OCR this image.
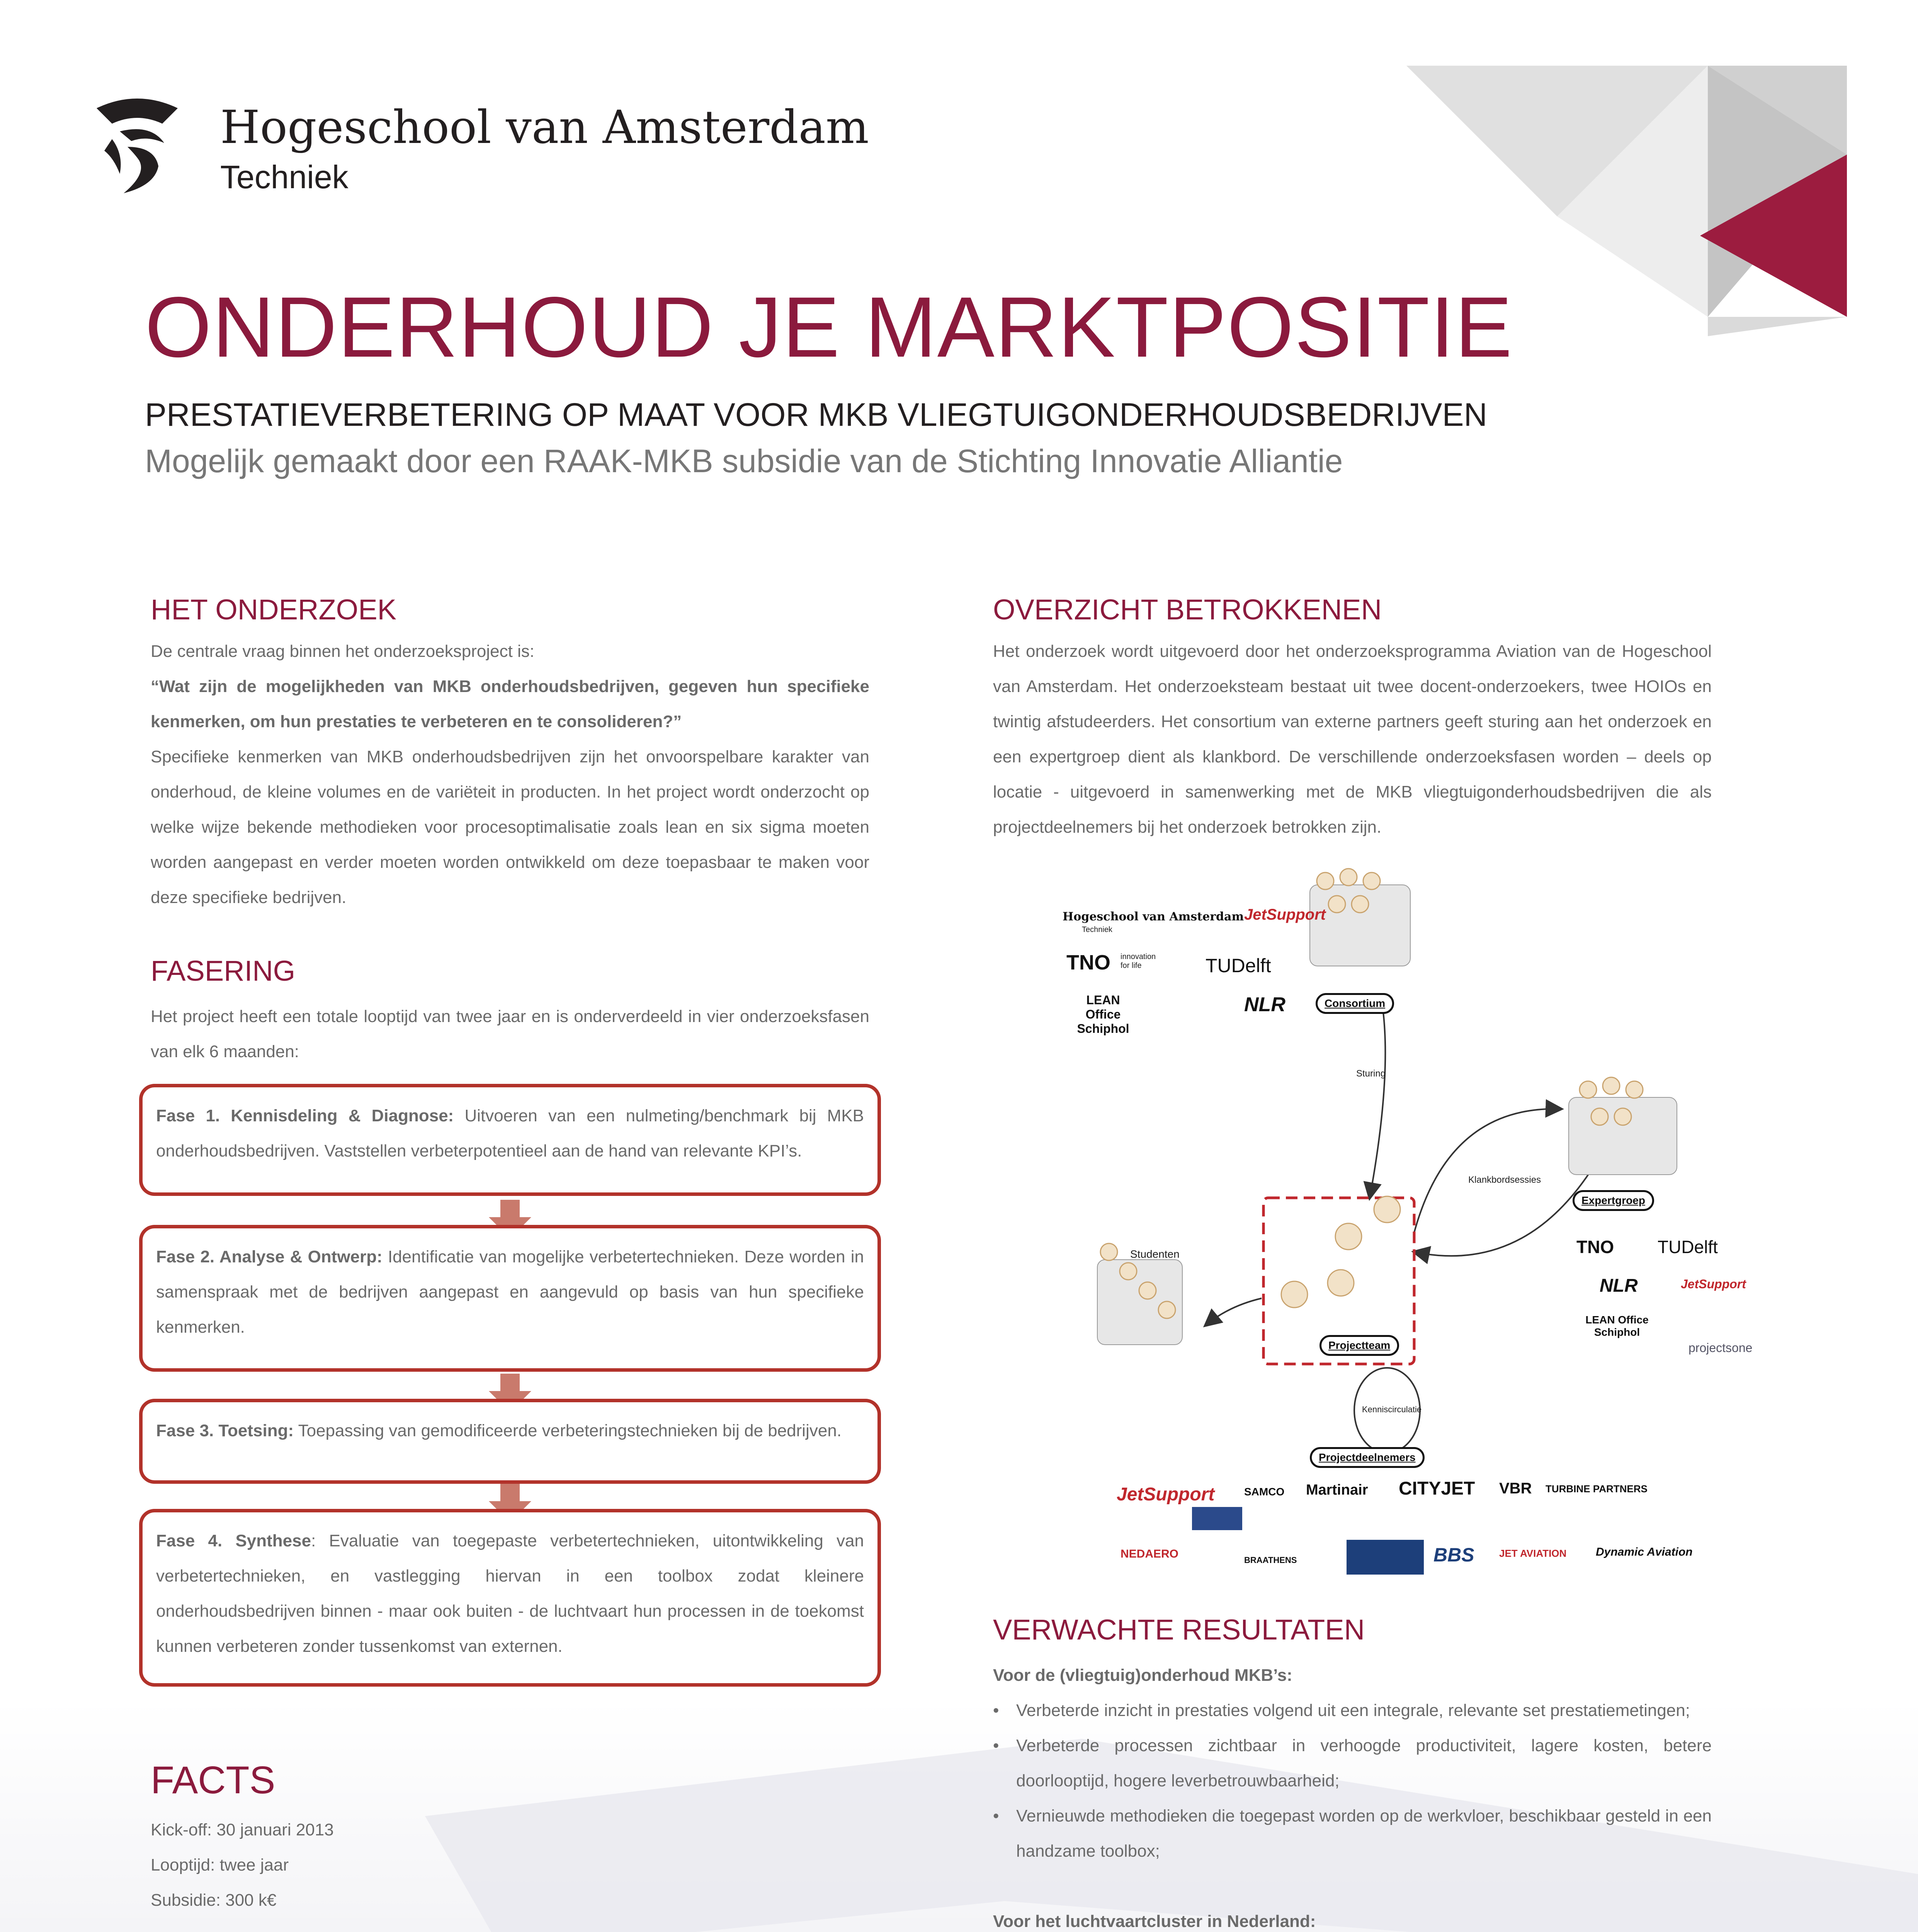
Hogeschool van Amsterdam
Techniek
ONDERHOUD JE MARKTPOSITIE
PRESTATIEVERBETERING OP MAAT VOOR MKB VLIEGTUIGONDERHOUDSBEDRIJVEN
Mogelijk gemaakt door een RAAK-MKB subsidie van de Stichting Innovatie Alliantie
HET ONDERZOEK
De centrale vraag binnen het onderzoeksproject is:
“Wat zijn de mogelijkheden van MKB onderhoudsbedrijven, gegeven hun specifieke kenmerken, om hun prestaties te verbeteren en te consolideren?”
Specifieke kenmerken van MKB onderhoudsbedrijven zijn het onvoorspelbare karakter van onderhoud, de kleine volumes en de variëteit in producten. In het project wordt onderzocht op welke wijze bekende methodieken voor procesoptimalisatie zoals lean en six sigma moeten worden aangepast en verder moeten worden ontwikkeld om deze toepasbaar te maken voor deze specifieke bedrijven.
FASERING
Het project heeft een totale looptijd van twee jaar en is onderverdeeld in vier onderzoeksfasen van elk 6 maanden:
Fase 1. Kennisdeling & Diagnose: Uitvoeren van een nulmeting/benchmark bij MKB onderhoudsbedrijven. Vaststellen verbeterpotentieel aan de hand van relevante KPI’s.
Fase 2. Analyse & Ontwerp: Identificatie van mogelijke verbetertechnieken. Deze worden in samenspraak met de bedrijven aangepast en aangevuld op basis van hun specifieke kenmerken.
Fase 3. Toetsing: Toepassing van gemodificeerde verbeteringstechnieken bij de bedrijven.
Fase 4. Synthese: Evaluatie van toegepaste verbetertechnieken, uitontwikkeling van verbetertechnieken, en vastlegging hiervan in een toolbox zodat kleinere onderhoudsbedrijven binnen - maar ook buiten - de luchtvaart hun processen in de toekomst kunnen verbeteren zonder tussenkomst van externen.
FACTS
Kick-off: 30 januari 2013
Looptijd: twee jaar
Subsidie: 300 k€
OVERZICHT BETROKKENEN
Het onderzoek wordt uitgevoerd door het onderzoeksprogramma Aviation van de Hogeschool van Amsterdam. Het onderzoeksteam bestaat uit twee docent-onderzoekers, twee HOIOs en twintig afstudeerders. Het consortium van externe partners geeft sturing aan het onderzoek en een expertgroep dient als klankbord. De verschillende onderzoeksfasen worden – deels op locatie - uitgevoerd in samenwerking met de MKB vliegtuigonderhoudsbedrijven die als projectdeelnemers bij het onderzoek betrokken zijn.
Hogeschool van Amsterdam
Techniek
JetSupport
TNO innovation for life	TUDelft
LEAN Office Schiphol
NLR	Consortium
Sturing
Klankbordsessies
Expertgroep
TNO TUDelft
NLR	JetSupport
LEAN Office Schiphol
projectsone
Studenten
Projectteam
Kenniscirculatie
Projectdeelnemers
JetSupport	SAMCO Martinair CITYJET VBR TURBINE PARTNERS
NEDAERO	BRAATHENS	BBS JET AVIATION	Dynamic Aviation
VERWACHTE RESULTATEN
Voor de (vliegtuig)onderhoud MKB’s:
• Verbeterde inzicht in prestaties volgend uit een integrale, relevante set prestatiemetingen;
• Verbeterde processen zichtbaar in verhoogde productiviteit, lagere kosten, betere doorlooptijd, hogere leverbetrouwbaarheid;
• Vernieuwde methodieken die toegepast worden op de werkvloer, beschikbaar gesteld in een handzame toolbox;
Voor het luchtvaartcluster in Nederland:
